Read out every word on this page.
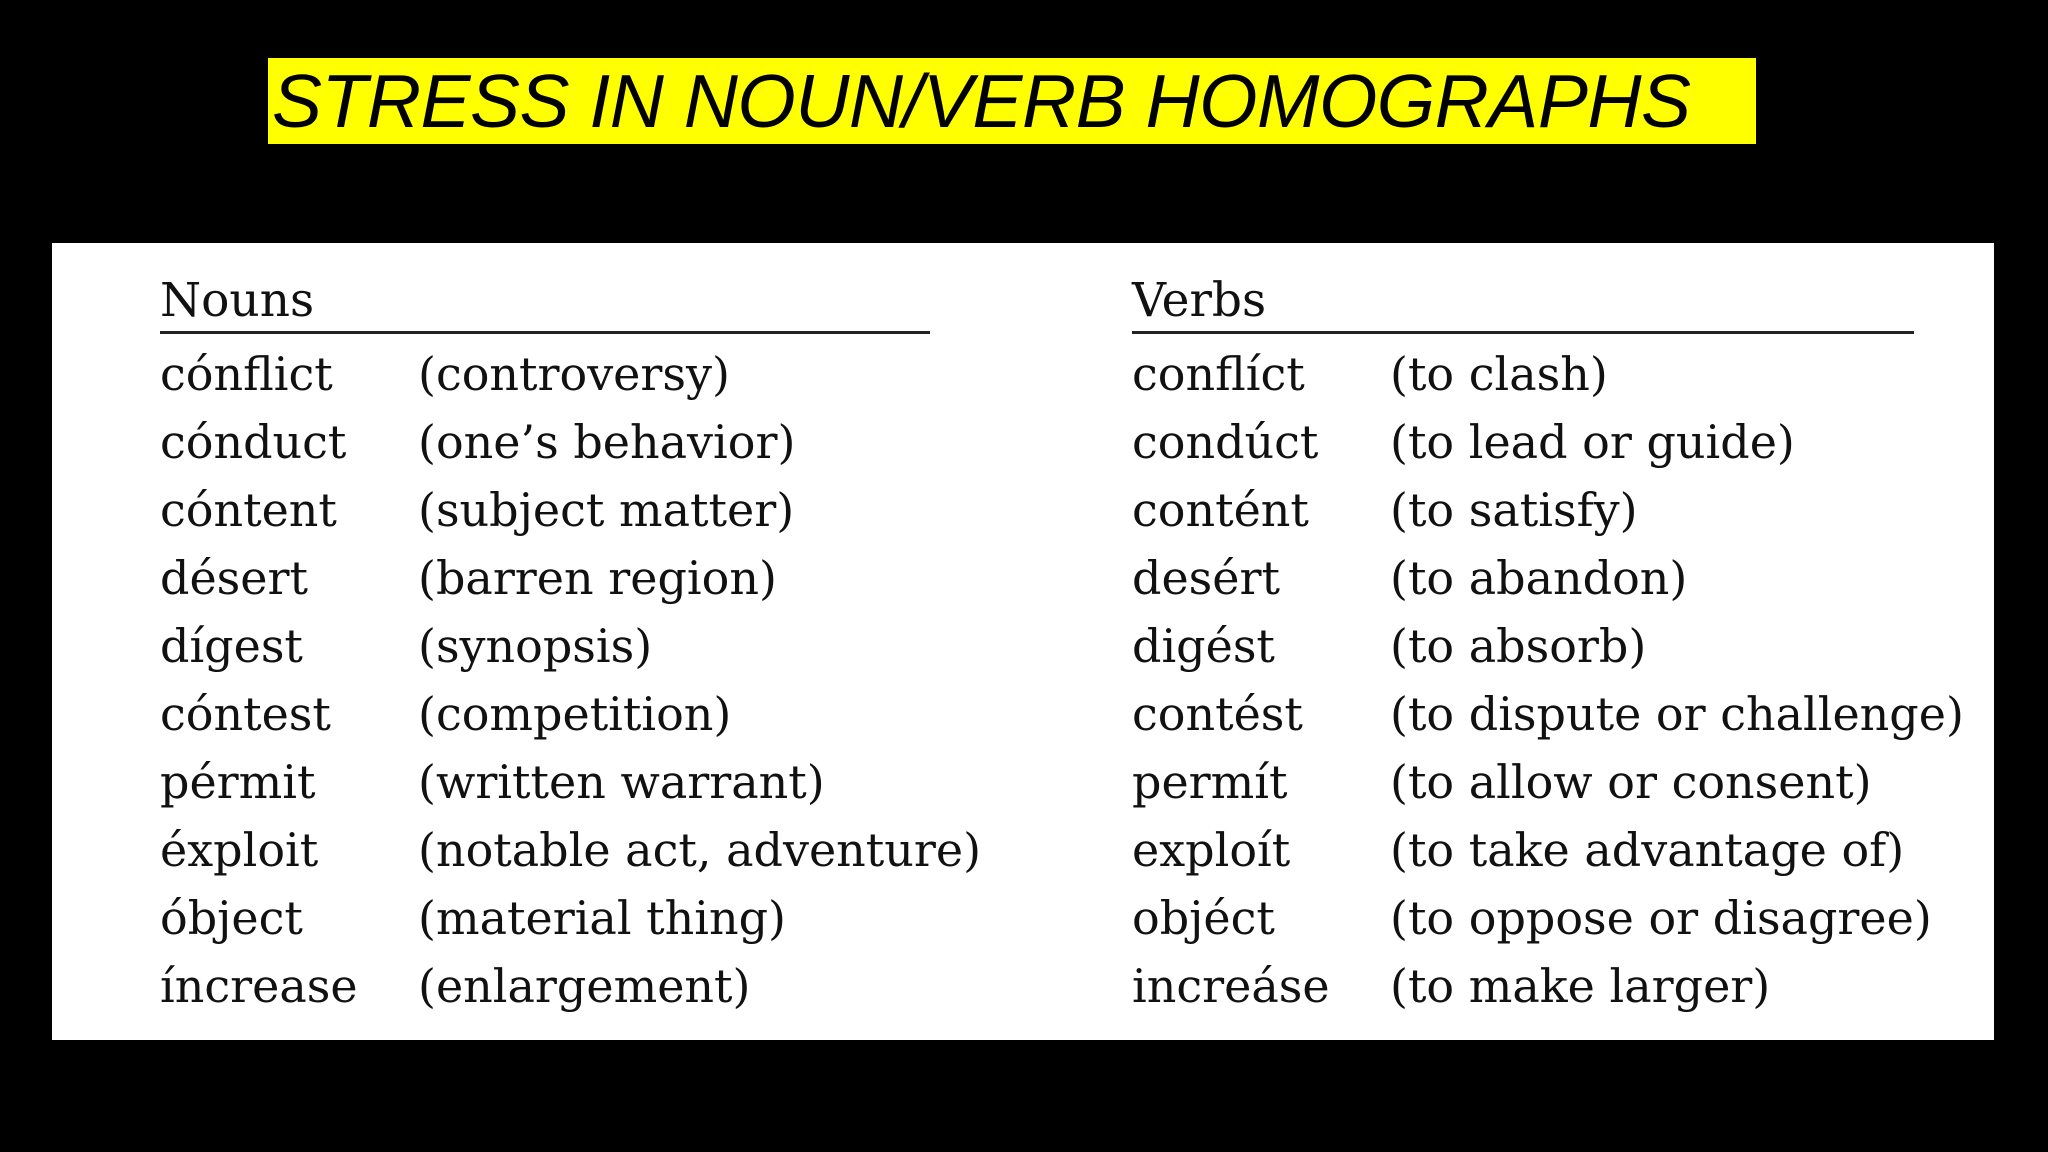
STRESS IN NOUN/VERB HOMOGRAPHS
Nouns
cónflict	(controversy)
cónduct	(one’s behavior)
cóntent	(subject matter)
désert	(barren region)
dígest	(synopsis)
cóntest	(competition)
pérmit	(written warrant)
éxploit	(notable act, adventure)
óbject	(material thing)
íncrease	(enlargement)
Verbs
conflíct	(to clash)
condúct	(to lead or guide)
contént	(to satisfy)
desért	(to abandon)
digést	(to absorb)
contést	(to dispute or challenge)
permít	(to allow or consent)
exploít	(to take advantage of)
objéct	(to oppose or disagree)
increáse	(to make larger)
